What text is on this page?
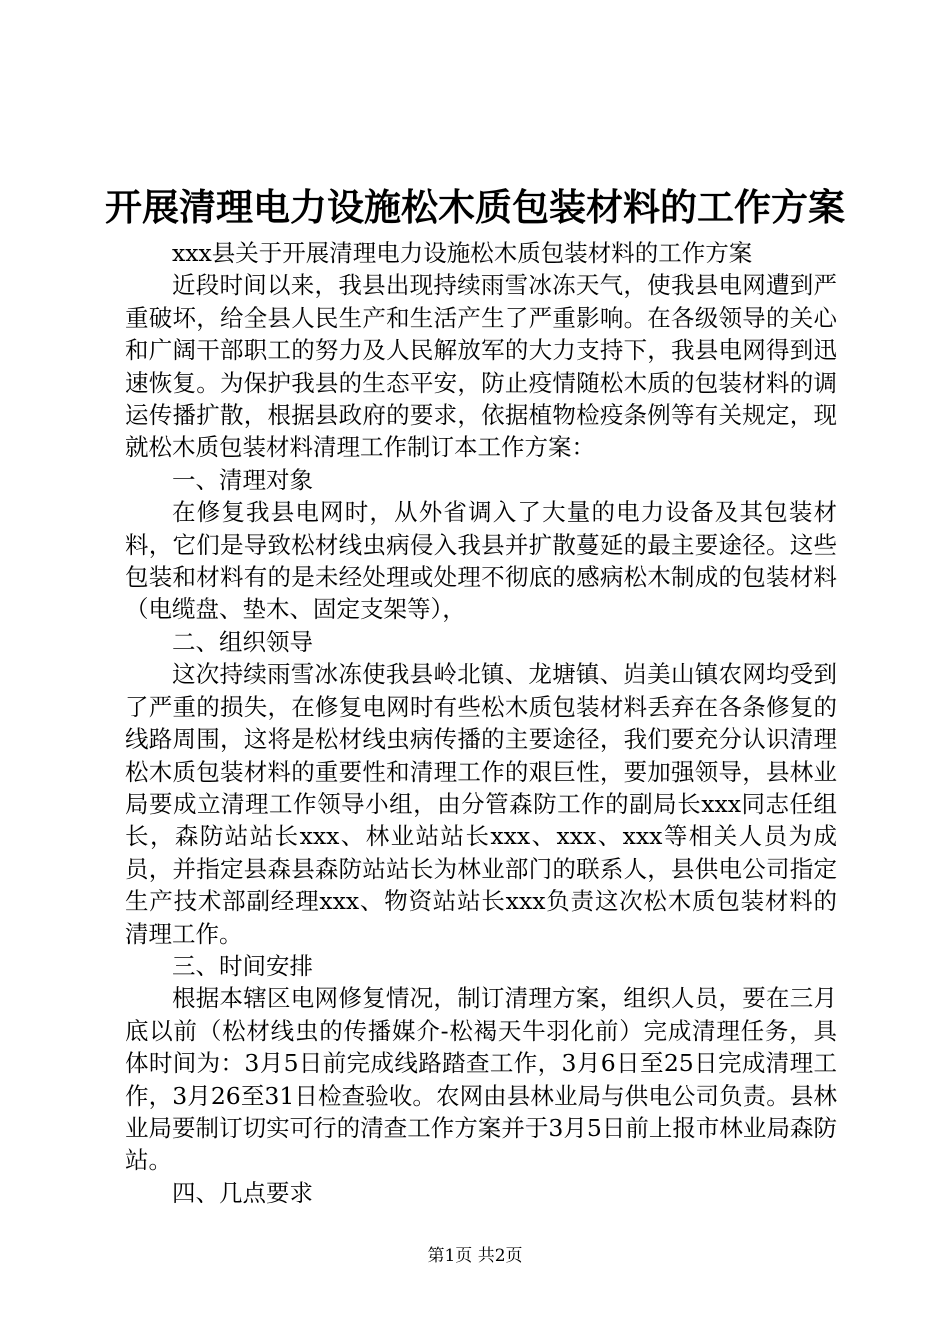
开展清理电力设施松木质包装材料的工作方案

xxx县关于开展清理电力设施松木质包装材料的工作方案

近段时间以来，我县出现持续雨雪冰冻天气，使我县电网遭到严重破坏，给全县人民生产和生活产生了严重影响。在各级领导的关心和广阔干部职工的努力及人民解放军的大力支持下，我县电网得到迅速恢复。为保护我县的生态平安，防止疫情随松木质的包装材料的调运传播扩散，根据县政府的要求，依据植物检疫条例等有关规定，现就松木质包装材料清理工作制订本工作方案：

一、清理对象

在修复我县电网时，从外省调入了大量的电力设备及其包装材料，它们是导致松材线虫病侵入我县并扩散蔓延的最主要途径。这些包装和材料有的是未经处理或处理不彻底的感病松木制成的包装材料（电缆盘、垫木、固定支架等），

二、组织领导

这次持续雨雪冰冻使我县岭北镇、龙塘镇、岿美山镇农网均受到了严重的损失，在修复电网时有些松木质包装材料丢弃在各条修复的线路周围，这将是松材线虫病传播的主要途径，我们要充分认识清理松木质包装材料的重要性和清理工作的艰巨性，要加强领导，县林业局要成立清理工作领导小组，由分管森防工作的副局长xxx同志任组长，森防站站长xxx、林业站站长xxx、xxx、xxx等相关人员为成员，并指定县森县森防站站长为林业部门的联系人，县供电公司指定生产技术部副经理xxx、物资站站长xxx负责这次松木质包装材料的清理工作。

三、时间安排

根据本辖区电网修复情况，制订清理方案，组织人员，要在三月底以前（松材线虫的传播媒介-松褐天牛羽化前）完成清理任务，具体时间为：3月5日前完成线路踏查工作，3月6日至25日完成清理工作，3月26至31日检查验收。农网由县林业局与供电公司负责。县林业局要制订切实可行的清查工作方案并于3月5日前上报市林业局森防站。

四、几点要求

第1页 共2页
